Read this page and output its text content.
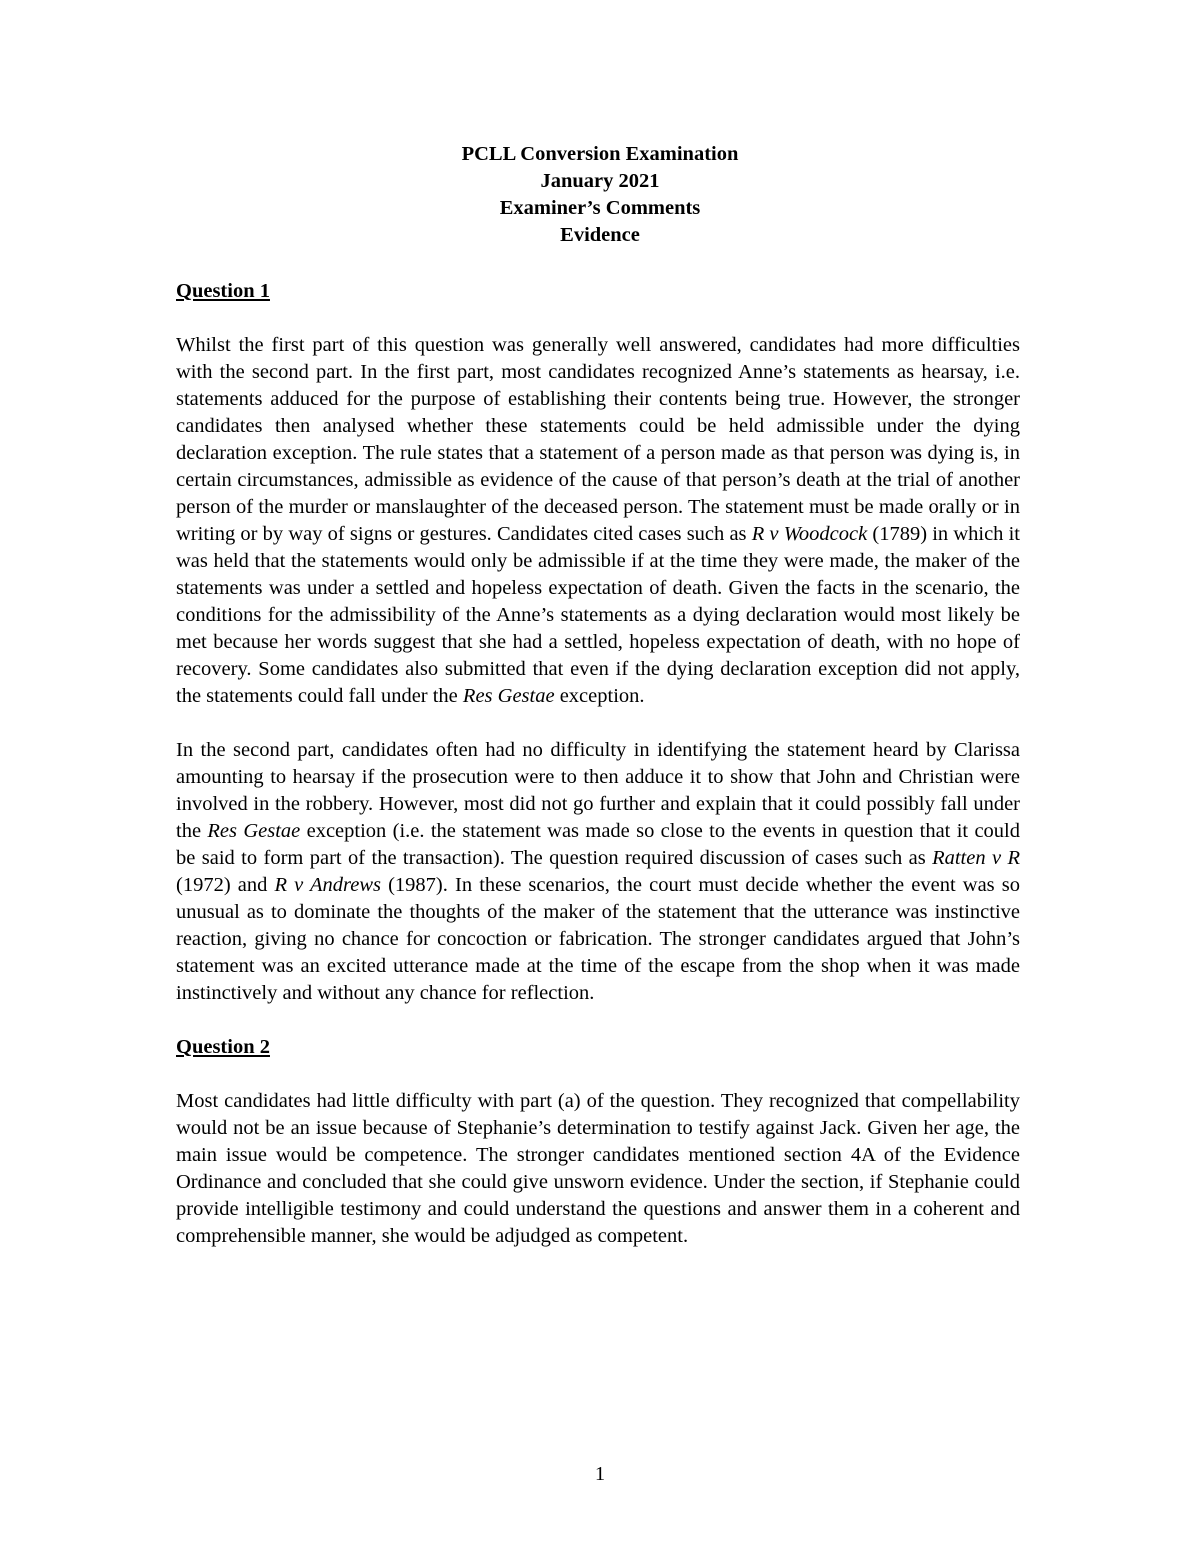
PCLL Conversion Examination
January 2021
Examiner’s Comments
Evidence
Question 1

Whilst the first part of this question was generally well answered, candidates had more difficulties with the second part. In the first part, most candidates recognized Anne’s statements as hearsay, i.e. statements adduced for the purpose of establishing their contents being true. However, the stronger candidates then analysed whether these statements could be held admissible under the dying declaration exception. The rule states that a statement of a person made as that person was dying is, in certain circumstances, admissible as evidence of the cause of that person’s death at the trial of another person of the murder or manslaughter of the deceased person. The statement must be made orally or in writing or by way of signs or gestures. Candidates cited cases such as R v Woodcock (1789) in which it was held that the statements would only be admissible if at the time they were made, the maker of the statements was under a settled and hopeless expectation of death. Given the facts in the scenario, the conditions for the admissibility of the Anne’s statements as a dying declaration would most likely be met because her words suggest that she had a settled, hopeless expectation of death, with no hope of recovery. Some candidates also submitted that even if the dying declaration exception did not apply, the statements could fall under the Res Gestae exception.

In the second part, candidates often had no difficulty in identifying the statement heard by Clarissa amounting to hearsay if the prosecution were to then adduce it to show that John and Christian were involved in the robbery. However, most did not go further and explain that it could possibly fall under the Res Gestae exception (i.e. the statement was made so close to the events in question that it could be said to form part of the transaction). The question required discussion of cases such as Ratten v R (1972) and R v Andrews (1987). In these scenarios, the court must decide whether the event was so unusual as to dominate the thoughts of the maker of the statement that the utterance was instinctive reaction, giving no chance for concoction or fabrication. The stronger candidates argued that John’s statement was an excited utterance made at the time of the escape from the shop when it was made instinctively and without any chance for reflection.

Question 2

Most candidates had little difficulty with part (a) of the question. They recognized that compellability would not be an issue because of Stephanie’s determination to testify against Jack. Given her age, the main issue would be competence. The stronger candidates mentioned section 4A of the Evidence Ordinance and concluded that she could give unsworn evidence. Under the section, if Stephanie could provide intelligible testimony and could understand the questions and answer them in a coherent and comprehensible manner, she would be adjudged as competent.

1
